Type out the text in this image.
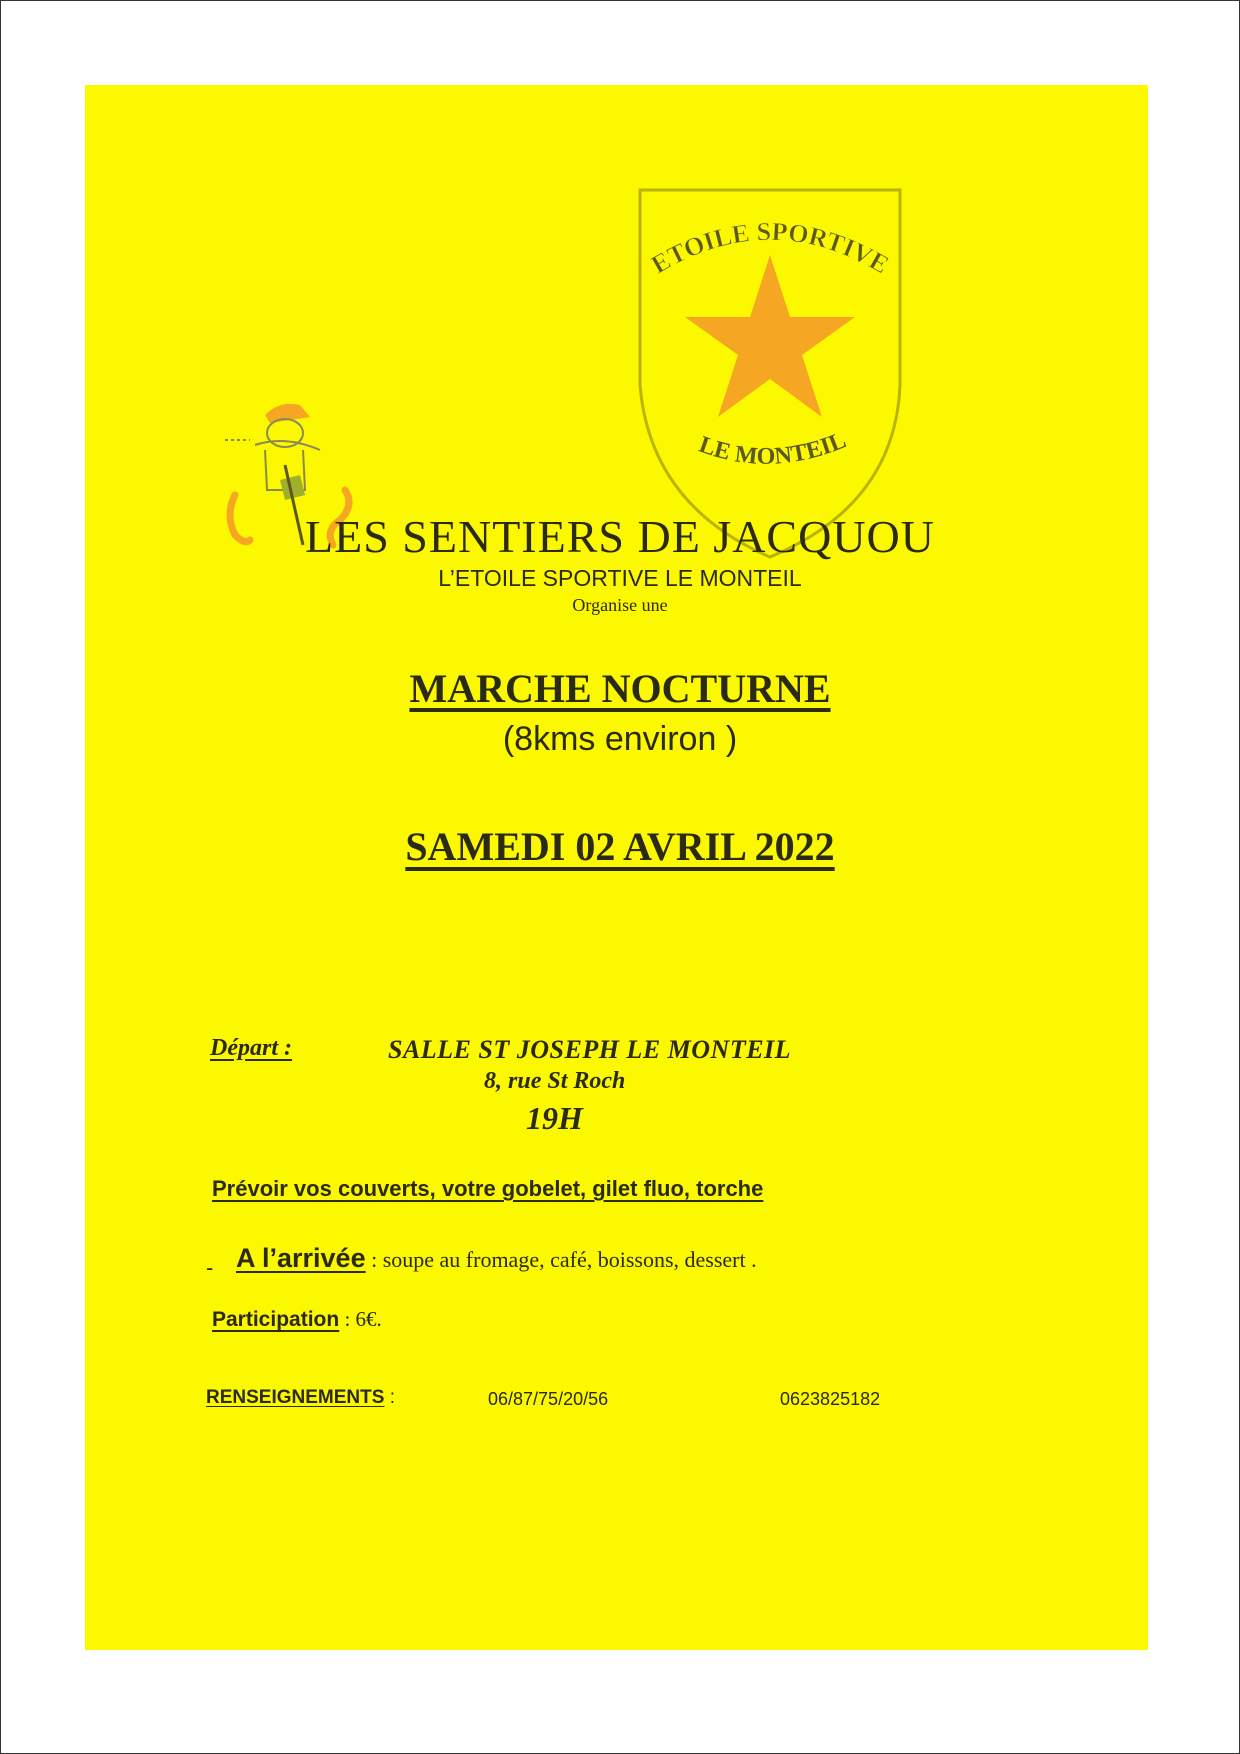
ETOILE SPORTIVE
LE MONTEIL
LES SENTIERS DE JACQUOU
L’ETOILE SPORTIVE LE MONTEIL
Organise une
MARCHE NOCTURNE
(8kms environ )
SAMEDI 02 AVRIL 2022
Départ :	SALLE ST JOSEPH LE MONTEIL
8, rue St Roch
19H
Prévoir vos couverts, votre gobelet, gilet fluo, torche
- A l’arrivée : soupe au fromage, café, boissons, dessert .
Participation : 6€.
RENSEIGNEMENTS :	06/87/75/20/56	0623825182
